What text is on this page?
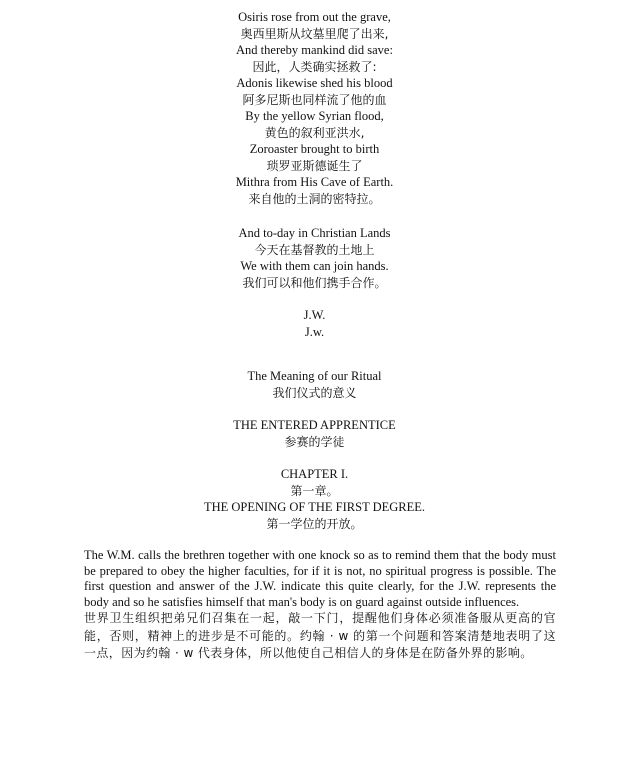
Osiris rose from out the grave,
奥西里斯从坟墓里爬了出来,
And thereby mankind did save:
因此，人类确实拯救了:
Adonis likewise shed his blood
阿多尼斯也同样流了他的血
By the yellow Syrian flood,
黄色的叙利亚洪水,
Zoroaster brought to birth
琐罗亚斯德诞生了
Mithra from His Cave of Earth.
来自他的土洞的密特拉。
And to-day in Christian Lands
今天在基督教的土地上
We with them can join hands.
我们可以和他们携手合作。
J.W.
J.w.
The Meaning of our Ritual
我们仪式的意义
THE ENTERED APPRENTICE
参赛的学徒
CHAPTER I.
第一章。
THE OPENING OF THE FIRST DEGREE.
第一学位的开放。

The W.M. calls the brethren together with one knock so as to remind them that the body must be prepared to obey the higher faculties, for if it is not, no spiritual progress is possible. The first question and answer of the J.W. indicate this quite clearly, for the J.W. represents the body and so he satisfies himself that man's body is on guard against outside influences.

世界卫生组织把弟兄们召集在一起，敲一下门，提醒他们身体必须准备服从更高的官能，否则，精神上的进步是不可能的。约翰 · w 的第一个问题和答案清楚地表明了这一点，因为约翰 · w 代表身体，所以他使自己相信人的身体是在防备外界的影响。
